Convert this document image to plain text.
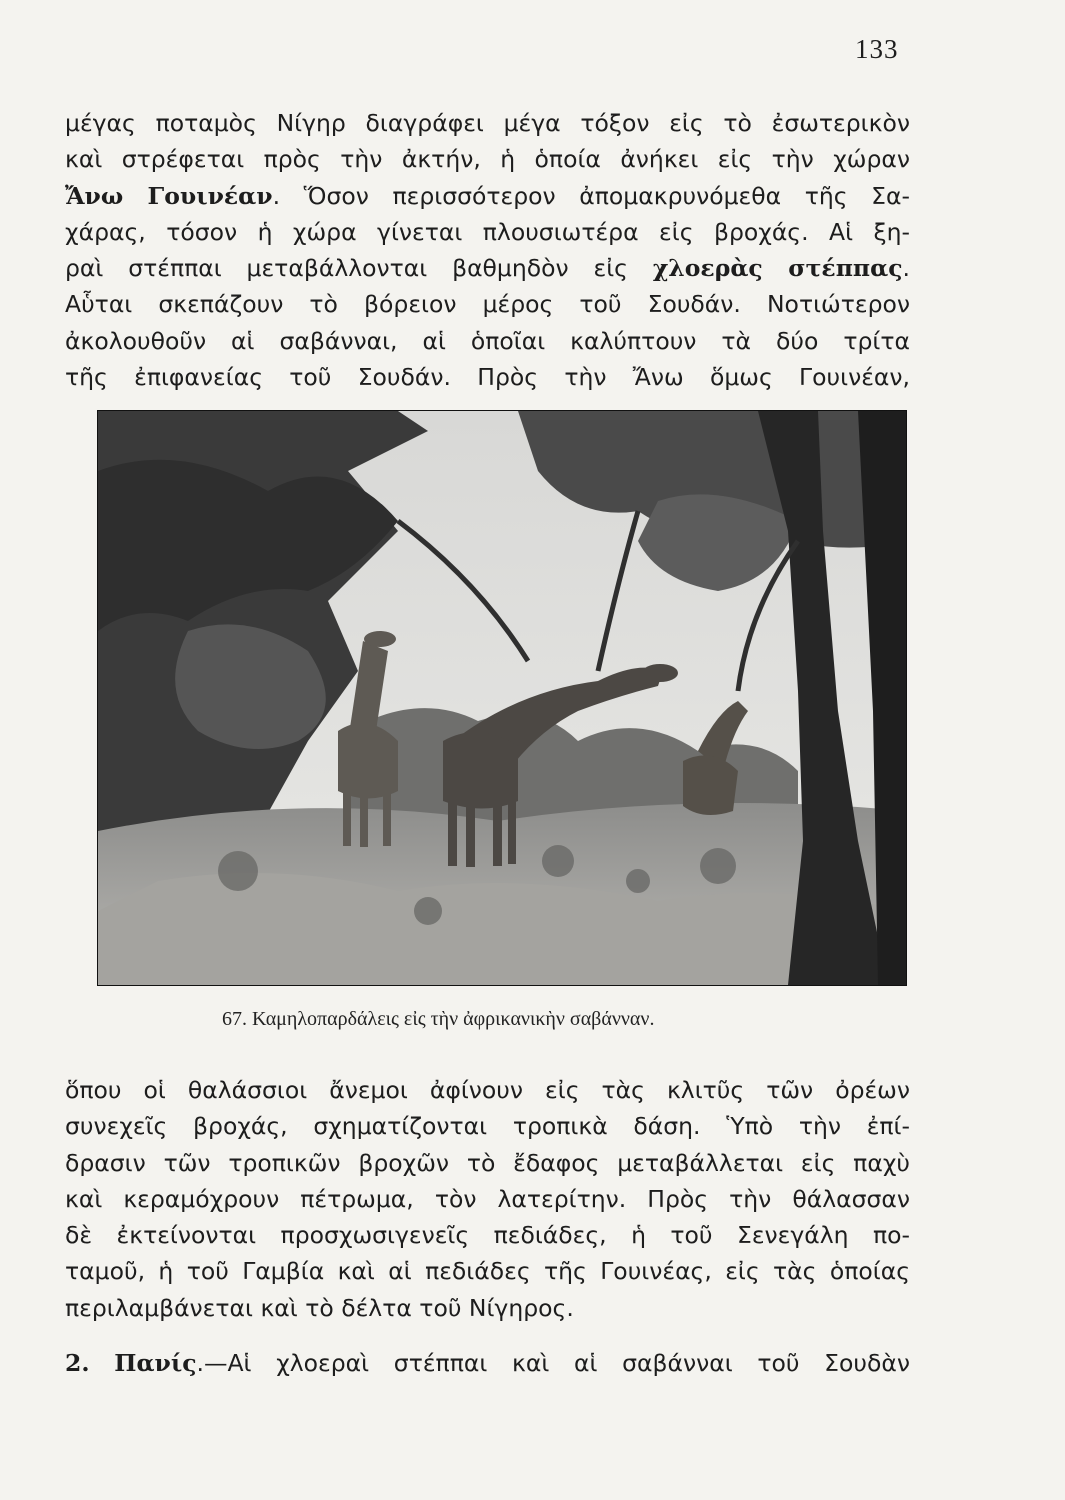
133
μέγας ποταμὸς Νίγηρ διαγράφει μέγα τόξον εἰς τὸ ἐσωτερικὸν
καὶ στρέφεται πρὸς τὴν ἀκτήν, ἡ ὁποία ἀνήκει εἰς τὴν χώραν
Ἄνω Γουινέαν. Ὅσον περισσότερον ἀπομακρυνόμεθα τῆς Σα-
χάρας, τόσον ἡ χώρα γίνεται πλουσιωτέρα εἰς βροχάς. Αἱ ξη-
ραὶ στέππαι μεταβάλλονται βαθμηδὸν εἰς χλοερὰς στέππας.
Αὗται σκεπάζουν τὸ βόρειον μέρος τοῦ Σουδάν. Νοτιώτερον
ἀκολουθοῦν αἱ σαβάνναι, αἱ ὁποῖαι καλύπτουν τὰ δύο τρίτα
τῆς ἐπιφανείας τοῦ Σουδάν. Πρὸς τὴν Ἄνω ὅμως Γουινέαν,
67. Καμηλοπαρδάλεις εἰς τὴν ἀφρικανικὴν σαβάνναν.
ὅπου οἱ θαλάσσιοι ἄνεμοι ἀφίνουν εἰς τὰς κλιτῦς τῶν ὀρέων
συνεχεῖς βροχάς, σχηματίζονται τροπικὰ δάση. Ὑπὸ τὴν ἐπί-
δρασιν τῶν τροπικῶν βροχῶν τὸ ἔδαφος μεταβάλλεται εἰς παχὺ
καὶ κεραμόχρουν πέτρωμα, τὸν λατερίτην. Πρὸς τὴν θάλασσαν
δὲ ἐκτείνονται προσχωσιγενεῖς πεδιάδες, ἡ τοῦ Σενεγάλη πο-
ταμοῦ, ἡ τοῦ Γαμβία καὶ αἱ πεδιάδες τῆς Γουινέας, εἰς τὰς ὁποίας
περιλαμβάνεται καὶ τὸ δέλτα τοῦ Νίγηρος.
2. Πανίς.—Αἱ χλοεραὶ στέππαι καὶ αἱ σαβάνναι τοῦ Σουδὰν
